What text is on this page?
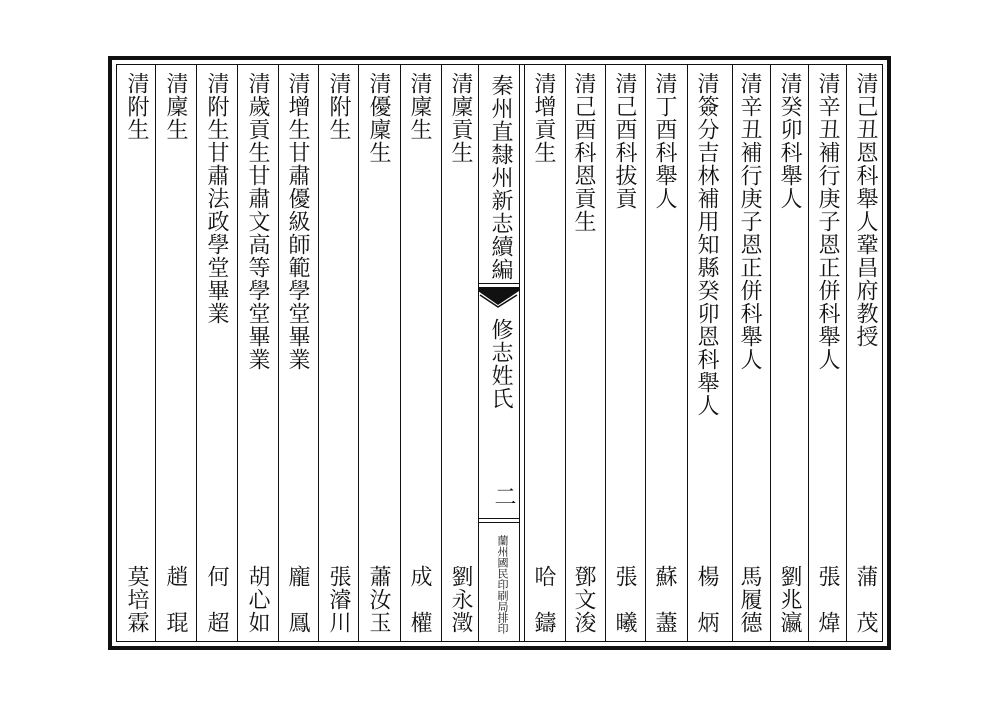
秦州直隸州新志續編
修志姓氏
二
蘭州國民印刷局排印
清己丑恩科舉人鞏昌府教授
蒲　茂
清辛丑補行庚子恩正併科舉人
張　煒
清癸卯科舉人
劉兆瀛
清辛丑補行庚子恩正併科舉人
馬履德
清簽分吉林補用知縣癸卯恩科舉人
楊　炳
清丁酉科舉人
蘇　藎
清己酉科拔貢
張　曦
清己酉科恩貢生
鄧文浚
清增貢生
哈　鑄
清廩貢生
劉永澂
清廩生
成　權
清優廩生
蕭汝玉
清附生
張濬川
清增生甘肅優級師範學堂畢業
龐　鳳
清歲貢生甘肅文高等學堂畢業
胡心如
清附生甘肅法政學堂畢業
何　超
清廩生
趙　琨
清附生
莫培霖
